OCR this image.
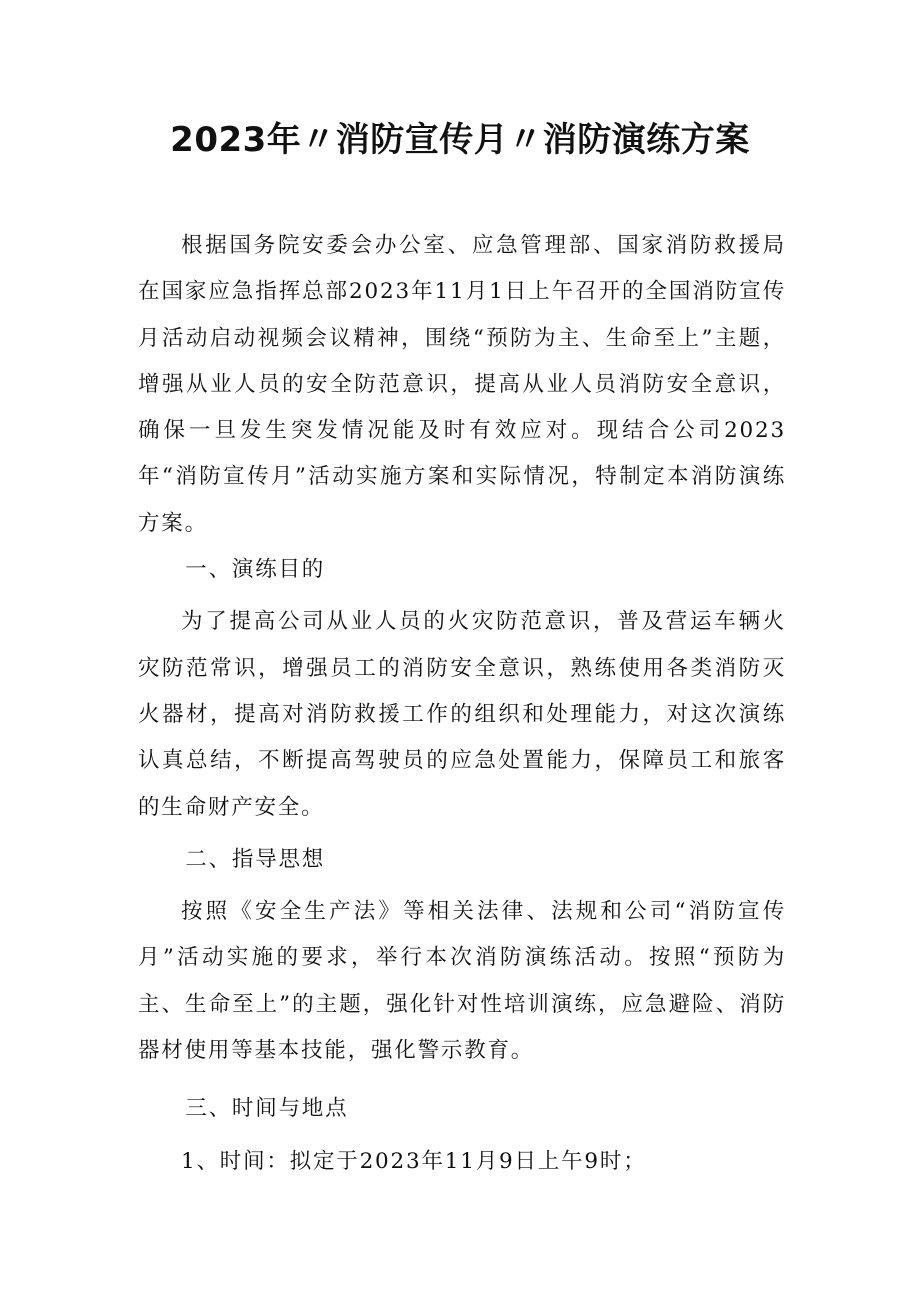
2023年〃消防宣传月〃消防演练方案

根据国务院安委会办公室、应急管理部、国家消防救援局在国家应急指挥总部2023年11月1日上午召开的全国消防宣传月活动启动视频会议精神，围绕“预防为主、生命至上”主题，增强从业人员的安全防范意识，提高从业人员消防安全意识，确保一旦发生突发情况能及时有效应对。现结合公司2023年“消防宣传月”活动实施方案和实际情况，特制定本消防演练方案。

一、演练目的

为了提高公司从业人员的火灾防范意识，普及营运车辆火灾防范常识，增强员工的消防安全意识，熟练使用各类消防灭火器材，提高对消防救援工作的组织和处理能力，对这次演练认真总结，不断提高驾驶员的应急处置能力，保障员工和旅客的生命财产安全。

二、指导思想

按照《安全生产法》等相关法律、法规和公司“消防宣传月”活动实施的要求，举行本次消防演练活动。按照“预防为主、生命至上”的主题，强化针对性培训演练，应急避险、消防器材使用等基本技能，强化警示教育。

三、时间与地点

1、时间：拟定于2023年11月9日上午9时；
